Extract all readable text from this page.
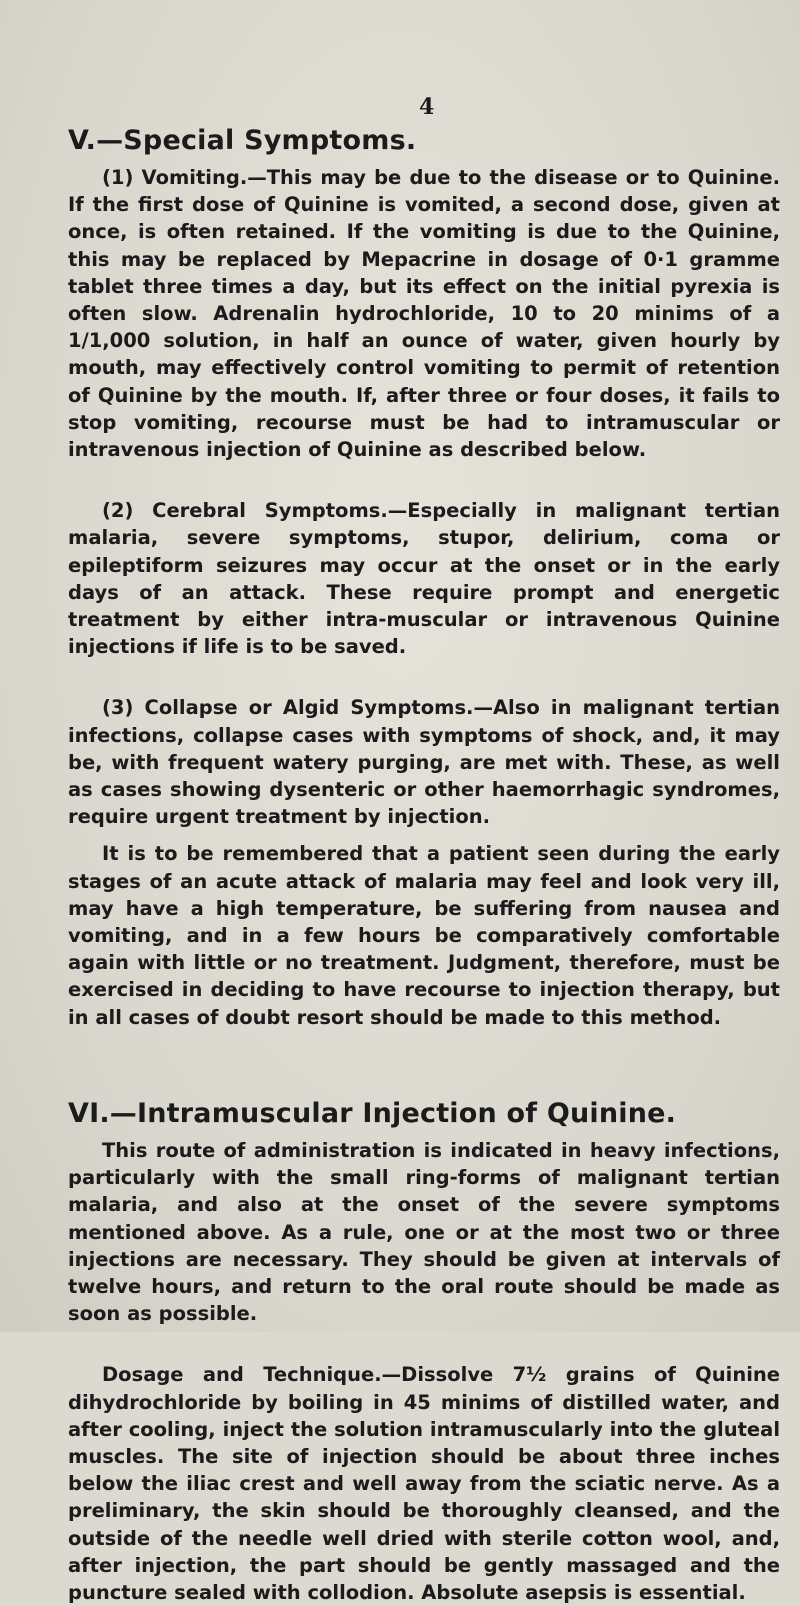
4
V.—Special Symptoms.

(1) Vomiting.—This may be due to the disease or to Quinine. If the first dose of Quinine is vomited, a second dose, given at once, is often retained. If the vomiting is due to the Quinine, this may be replaced by Mepacrine in dosage of 0·1 gramme tablet three times a day, but its effect on the initial pyrexia is often slow. Adrenalin hydrochloride, 10 to 20 minims of a 1/1,000 solution, in half an ounce of water, given hourly by mouth, may effectively control vomiting to permit of retention of Quinine by the mouth. If, after three or four doses, it fails to stop vomiting, recourse must be had to intramuscular or intravenous injection of Quinine as described below.

(2) Cerebral Symptoms.—Especially in malignant tertian malaria, severe symptoms, stupor, delirium, coma or epileptiform seizures may occur at the onset or in the early days of an attack. These require prompt and energetic treatment by either intra-muscular or intravenous Quinine injections if life is to be saved.

(3) Collapse or Algid Symptoms.—Also in malignant tertian infections, collapse cases with symptoms of shock, and, it may be, with frequent watery purging, are met with. These, as well as cases showing dysenteric or other haemorrhagic syndromes, require urgent treatment by injection.

It is to be remembered that a patient seen during the early stages of an acute attack of malaria may feel and look very ill, may have a high temperature, be suffering from nausea and vomiting, and in a few hours be comparatively comfortable again with little or no treatment. Judgment, therefore, must be exercised in deciding to have recourse to injection therapy, but in all cases of doubt resort should be made to this method.

VI.—Intramuscular Injection of Quinine.

This route of administration is indicated in heavy infections, particularly with the small ring-forms of malignant tertian malaria, and also at the onset of the severe symptoms mentioned above. As a rule, one or at the most two or three injections are necessary. They should be given at intervals of twelve hours, and return to the oral route should be made as soon as possible.

Dosage and Technique.—Dissolve 7½ grains of Quinine dihydrochloride by boiling in 45 minims of distilled water, and after cooling, inject the solution intramuscularly into the gluteal muscles. The site of injection should be about three inches below the iliac crest and well away from the sciatic nerve. As a preliminary, the skin should be thoroughly cleansed, and the outside of the needle well dried with sterile cotton wool, and, after injection, the part should be gently massaged and the puncture sealed with collodion. Absolute asepsis is essential.
